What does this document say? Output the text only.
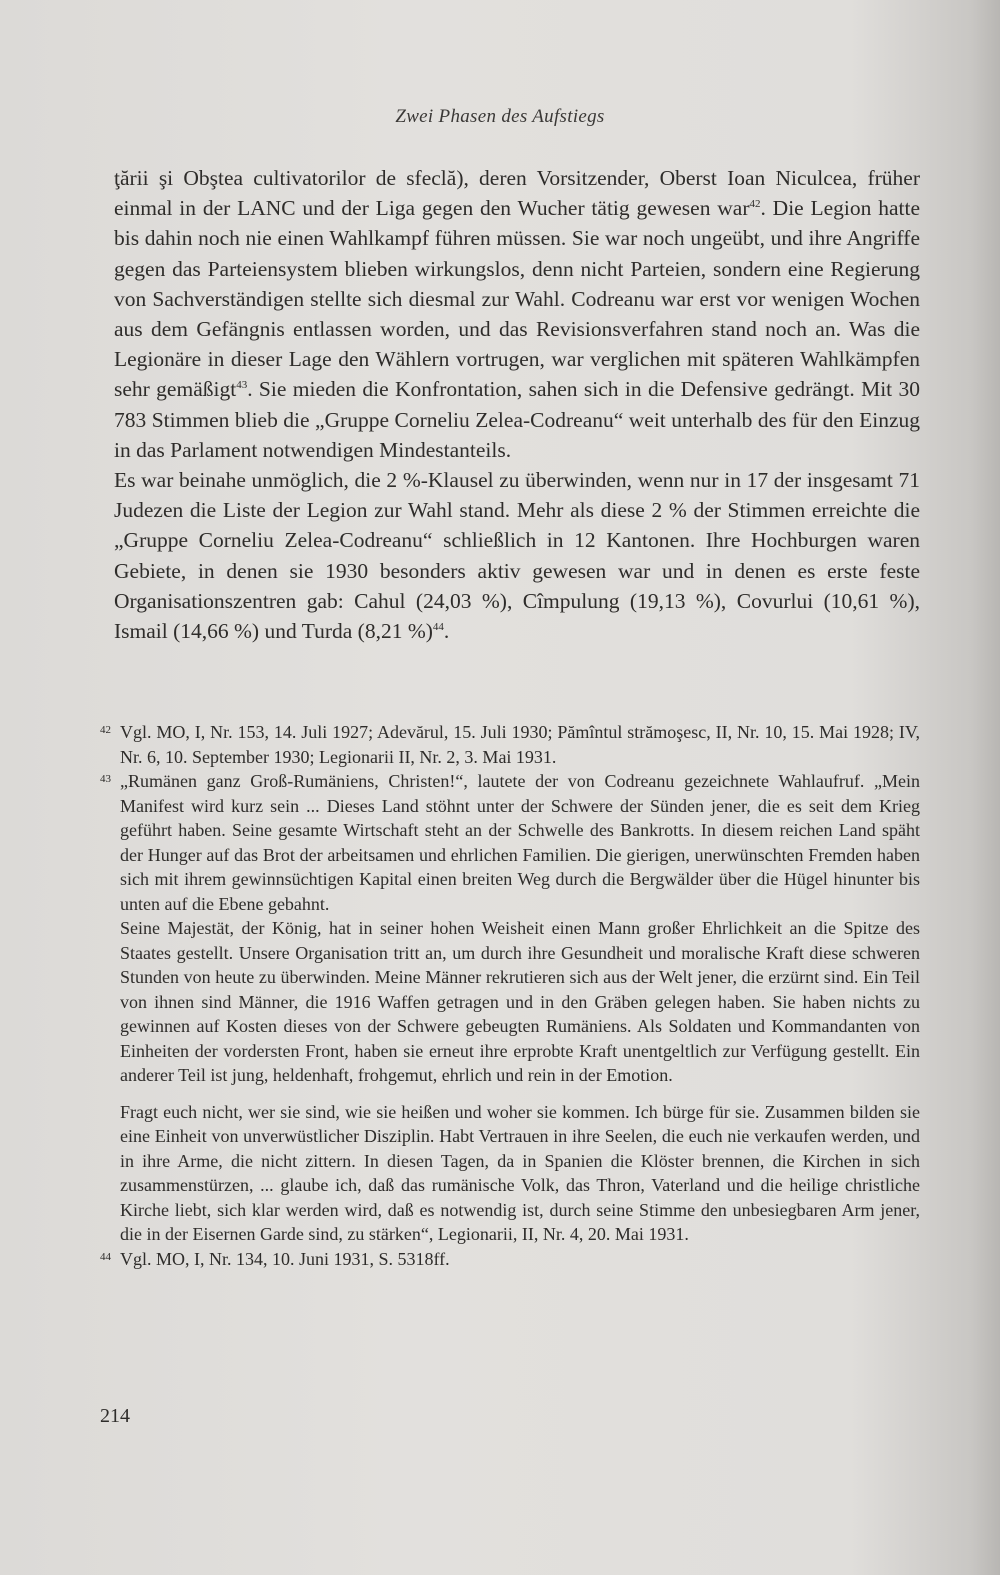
Zwei Phasen des Aufstiegs

ţării şi Obştea cultivatorilor de sfeclă), deren Vorsitzender, Oberst Ioan Niculcea, früher einmal in der LANC und der Liga gegen den Wucher tätig gewesen war$^{42}$. Die Legion hatte bis dahin noch nie einen Wahlkampf führen müssen. Sie war noch ungeübt, und ihre Angriffe gegen das Parteiensystem blieben wirkungslos, denn nicht Parteien, sondern eine Regierung von Sachverständigen stellte sich diesmal zur Wahl. Codreanu war erst vor wenigen Wochen aus dem Gefängnis entlassen worden, und das Revisionsverfahren stand noch an. Was die Legionäre in dieser Lage den Wählern vortrugen, war verglichen mit späteren Wahlkämpfen sehr gemäßigt$^{43}$. Sie mieden die Konfrontation, sahen sich in die Defensive gedrängt. Mit 30 783 Stimmen blieb die „Gruppe Corneliu Zelea-Codreanu“ weit unterhalb des für den Einzug in das Parlament notwendigen Mindestanteils.

Es war beinahe unmöglich, die 2 %-Klausel zu überwinden, wenn nur in 17 der insgesamt 71 Judezen die Liste der Legion zur Wahl stand. Mehr als diese 2 % der Stimmen erreichte die „Gruppe Corneliu Zelea-Codreanu“ schließlich in 12 Kantonen. Ihre Hochburgen waren Gebiete, in denen sie 1930 besonders aktiv gewesen war und in denen es erste feste Organisationszentren gab: Cahul (24,03 %), Cîmpulung (19,13 %), Covurlui (10,61 %), Ismail (14,66 %) und Turda (8,21 %)$^{44}$.

42 Vgl. MO, I, Nr. 153, 14. Juli 1927; Adevărul, 15. Juli 1930; Pămîntul strămoşesc, II, Nr. 10, 15. Mai 1928; IV, Nr. 6, 10. September 1930; Legionarii II, Nr. 2, 3. Mai 1931.
43 „Rumänen ganz Groß-Rumäniens, Christen!“, lautete der von Codreanu gezeichnete Wahlaufruf. „Mein Manifest wird kurz sein ... Dieses Land stöhnt unter der Schwere der Sünden jener, die es seit dem Krieg geführt haben. Seine gesamte Wirtschaft steht an der Schwelle des Bankrotts. In diesem reichen Land späht der Hunger auf das Brot der arbeitsamen und ehrlichen Familien. Die gierigen, unerwünschten Fremden haben sich mit ihrem gewinnsüchtigen Kapital einen breiten Weg durch die Bergwälder über die Hügel hinunter bis unten auf die Ebene gebahnt.
Seine Majestät, der König, hat in seiner hohen Weisheit einen Mann großer Ehrlichkeit an die Spitze des Staates gestellt. Unsere Organisation tritt an, um durch ihre Gesundheit und moralische Kraft diese schweren Stunden von heute zu überwinden. Meine Männer rekrutieren sich aus der Welt jener, die erzürnt sind. Ein Teil von ihnen sind Männer, die 1916 Waffen getragen und in den Gräben gelegen haben. Sie haben nichts zu gewinnen auf Kosten dieses von der Schwere gebeugten Rumäniens. Als Soldaten und Kommandanten von Einheiten der vordersten Front, haben sie erneut ihre erprobte Kraft unentgeltlich zur Verfügung gestellt. Ein anderer Teil ist jung, heldenhaft, frohgemut, ehrlich und rein in der Emotion.
Fragt euch nicht, wer sie sind, wie sie heißen und woher sie kommen. Ich bürge für sie. Zusammen bilden sie eine Einheit von unverwüstlicher Disziplin. Habt Vertrauen in ihre Seelen, die euch nie verkaufen werden, und in ihre Arme, die nicht zittern. In diesen Tagen, da in Spanien die Klöster brennen, die Kirchen in sich zusammenstürzen, ... glaube ich, daß das rumänische Volk, das Thron, Vaterland und die heilige christliche Kirche liebt, sich klar werden wird, daß es notwendig ist, durch seine Stimme den unbesiegbaren Arm jener, die in der Eisernen Garde sind, zu stärken“, Legionarii, II, Nr. 4, 20. Mai 1931.
44 Vgl. MO, I, Nr. 134, 10. Juni 1931, S. 5318ff.
214
